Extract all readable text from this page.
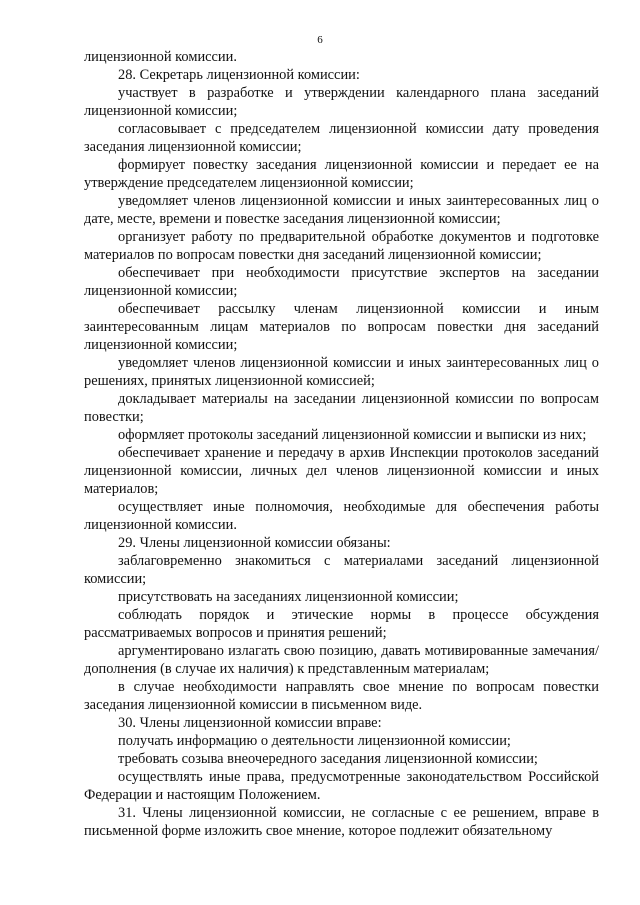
6

лицензионной комиссии.

28. Секретарь лицензионной комиссии:

участвует в разработке и утверждении календарного плана заседаний лицензионной комиссии;

согласовывает с председателем лицензионной комиссии дату проведения заседания лицензионной комиссии;

формирует повестку заседания лицензионной комиссии и передает ее на утверждение председателем лицензионной комиссии;

уведомляет членов лицензионной комиссии и иных заинтересованных лиц о дате, месте, времени и повестке заседания лицензионной комиссии;

организует работу по предварительной обработке документов и подготовке материалов по вопросам повестки дня заседаний лицензионной комиссии;

обеспечивает при необходимости присутствие экспертов на заседании лицензионной комиссии;

обеспечивает рассылку членам лицензионной комиссии и иным заинтересованным лицам материалов по вопросам повестки дня заседаний лицензионной комиссии;

уведомляет членов лицензионной комиссии и иных заинтересованных лиц о решениях, принятых лицензионной комиссией;

докладывает материалы на заседании лицензионной комиссии по вопросам повестки;

оформляет протоколы заседаний лицензионной комиссии и выписки из них;

обеспечивает хранение и передачу в архив Инспекции протоколов заседаний лицензионной комиссии, личных дел членов лицензионной комиссии и иных материалов;

осуществляет иные полномочия, необходимые для обеспечения работы лицензионной комиссии.

29. Члены лицензионной комиссии обязаны:

заблаговременно знакомиться с материалами заседаний лицензионной комиссии;

присутствовать на заседаниях лицензионной комиссии;

соблюдать порядок и этические нормы в процессе обсуждения рассматриваемых вопросов и принятия решений;

аргументировано излагать свою позицию, давать мотивированные замечания/дополнения (в случае их наличия) к представленным материалам;

в случае необходимости направлять свое мнение по вопросам повестки заседания лицензионной комиссии в письменном виде.

30. Члены лицензионной комиссии вправе:

получать информацию о деятельности лицензионной комиссии;

требовать созыва внеочередного заседания лицензионной комиссии;

осуществлять иные права, предусмотренные законодательством Российской Федерации и настоящим Положением.

31. Члены лицензионной комиссии, не согласные с ее решением, вправе в письменной форме изложить свое мнение, которое подлежит обязательному
